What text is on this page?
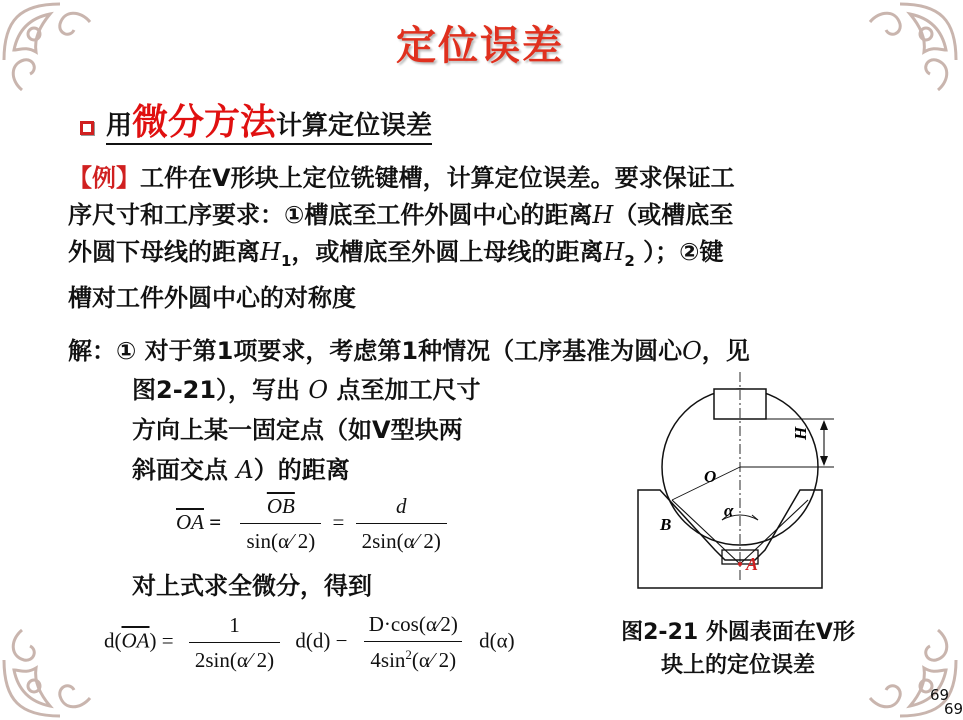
定位误差
用微分方法计算定位误差
【例】工件在V形块上定位铣键槽，计算定位误差。要求保证工
序尺寸和工序要求：①槽底至工件外圆中心的距离H（或槽底至
外圆下母线的距离$H_1$，或槽底至外圆上母线的距离$H_2$ ）；②键
槽对工件外圆中心的对称度
解：① 对于第1项要求，考虑第1种情况（工序基准为圆心O，见
图2-21），写出 O 点至加工尺寸
方向上某一固定点（如V型块两
斜面交点 A）的距离
$\overline{OA} = \frac{\overline{OB}}{\sin(\alpha⁄ 2)} = \frac{d}{2\sin(\alpha⁄ 2)}$
对上式求全微分，得到
$d(\overline{OA}) = \frac{1}{2\sin(\alpha⁄ 2)} d(d) - \frac{D\cdot\cos(\alpha⁄2)}{4\sin^2(\alpha⁄ 2)} d(\alpha)$
H
O
B
α
A
图2-21 外圆表面在V形
块上的定位误差
69
69
